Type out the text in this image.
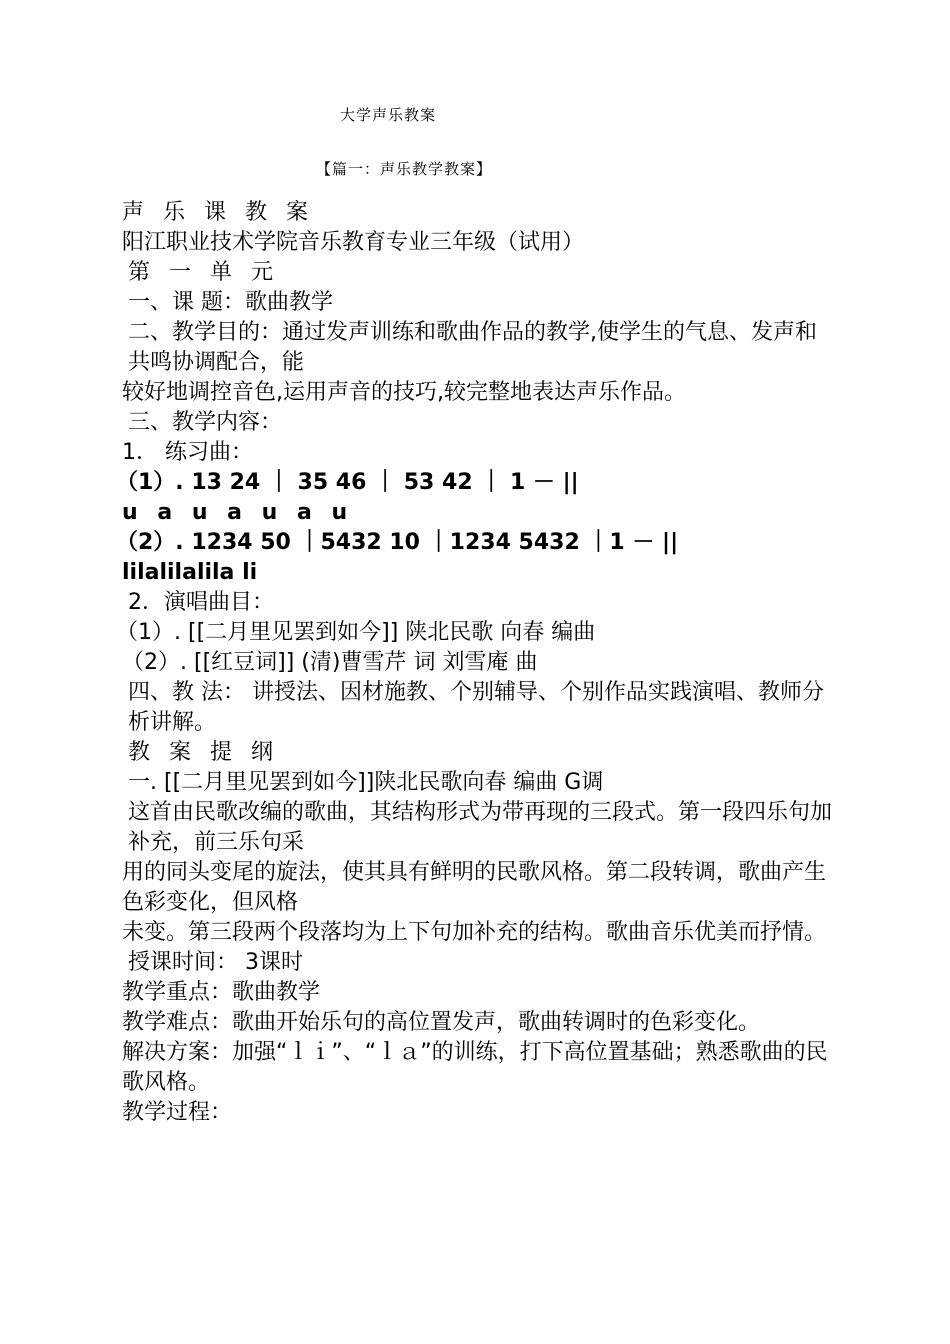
大学声乐教案
【篇一：声乐教学教案】
声 乐 课 教 案
阳江职业技术学院音乐教育专业三年级（试用）
第 一 单 元
一、课 题：歌曲教学
二、教学目的：通过发声训练和歌曲作品的教学,使学生的气息、发声和共鸣协调配合，能
较好地调控音色,运用声音的技巧,较完整地表达声乐作品。
三、教学内容：
1． 练习曲：
（1）. 13 24 ｜ 35 46 ｜ 53 42 ｜ 1 － ||
u a u a u a u
（2）. 1234 50 ｜5432 10 ｜1234 5432 ｜1 － ||
lilalilalila li
2．演唱曲目：
（1）. [[二月里见罢到如今]] 陕北民歌 向春 编曲
（2）. [[红豆词]] (清)曹雪芹 词 刘雪庵 曲
四、教 法： 讲授法、因材施教、个别辅导、个别作品实践演唱、教师分析讲解。
教 案 提 纲
一. [[二月里见罢到如今]]陕北民歌向春 编曲 G调
这首由民歌改编的歌曲，其结构形式为带再现的三段式。第一段四乐句加补充，前三乐句采
用的同头变尾的旋法，使其具有鲜明的民歌风格。第二段转调，歌曲产生色彩变化，但风格
未变。第三段两个段落均为上下句加补充的结构。歌曲音乐优美而抒情。
授课时间： 3课时
教学重点：歌曲教学
教学难点：歌曲开始乐句的高位置发声，歌曲转调时的色彩变化。
解决方案：加强“ｌｉ”、“ｌａ”的训练，打下高位置基础；熟悉歌曲的民歌风格。
教学过程：
